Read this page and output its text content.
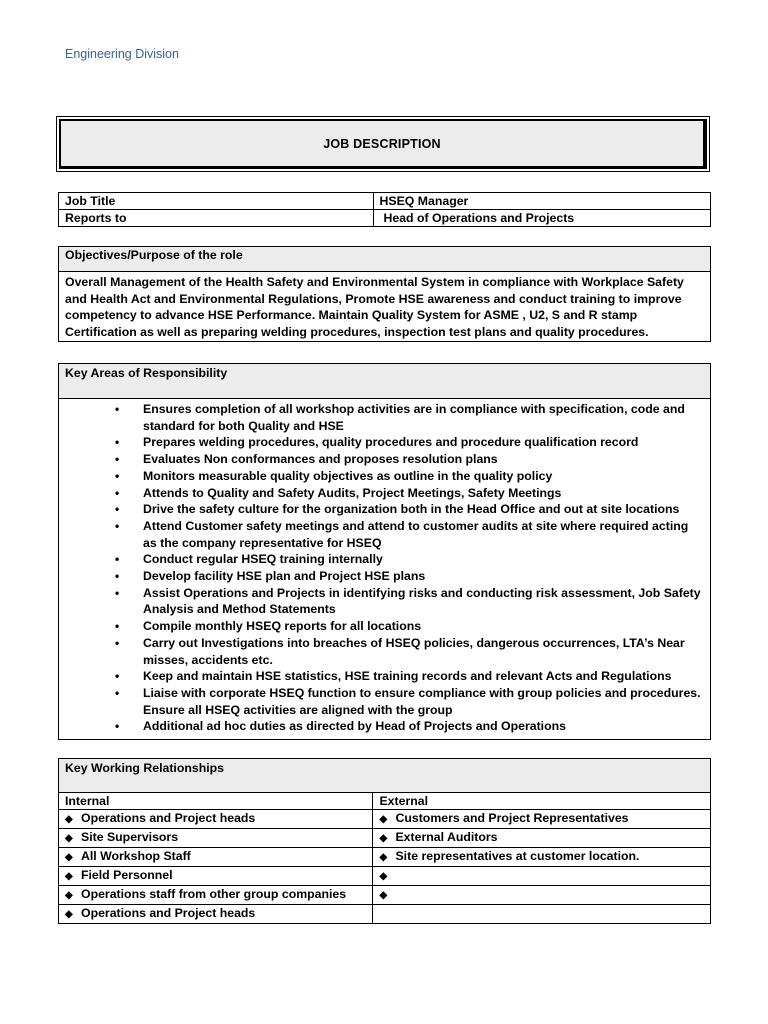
Engineering Division
JOB DESCRIPTION
Job Title	HSEQ Manager
Reports to	Head of Operations and Projects
Objectives/Purpose of the role
Overall Management of the Health Safety and Environmental System in compliance with Workplace Safety and Health Act and Environmental Regulations, Promote HSE awareness and conduct training to improve competency to advance HSE Performance. Maintain Quality System for ASME , U2, S and R stamp Certification as well as preparing welding procedures, inspection test plans and quality procedures.
Key Areas of Responsibility

• Ensures completion of all workshop activities are in compliance with specification, code and standard for both Quality and HSE
• Prepares welding procedures, quality procedures and procedure qualification record
• Evaluates Non conformances and proposes resolution plans
• Monitors measurable quality objectives as outline in the quality policy
• Attends to Quality and Safety Audits, Project Meetings, Safety Meetings
• Drive the safety culture for the organization both in the Head Office and out at site locations
• Attend Customer safety meetings and attend to customer audits at site where required acting as the company representative for HSEQ
• Conduct regular HSEQ training internally
• Develop facility HSE plan and Project HSE plans
• Assist Operations and Projects in identifying risks and conducting risk assessment, Job Safety Analysis and Method Statements
• Compile monthly HSEQ reports for all locations
• Carry out Investigations into breaches of HSEQ policies, dangerous occurrences, LTA’s Near misses, accidents etc.
• Keep and maintain HSE statistics, HSE training records and relevant Acts and Regulations
• Liaise with corporate HSEQ function to ensure compliance with group policies and procedures. Ensure all HSEQ activities are aligned with the group
• Additional ad hoc duties as directed by Head of Projects and Operations
Key Working Relationships	
Internal	External
◆ Operations and Project heads	◆ Customers and Project Representatives
◆ Site Supervisors	◆ External Auditors
◆ All Workshop Staff	◆ Site representatives at customer location.
◆ Field Personnel	◆
◆ Operations staff from other group companies	◆
◆ Operations and Project heads	
